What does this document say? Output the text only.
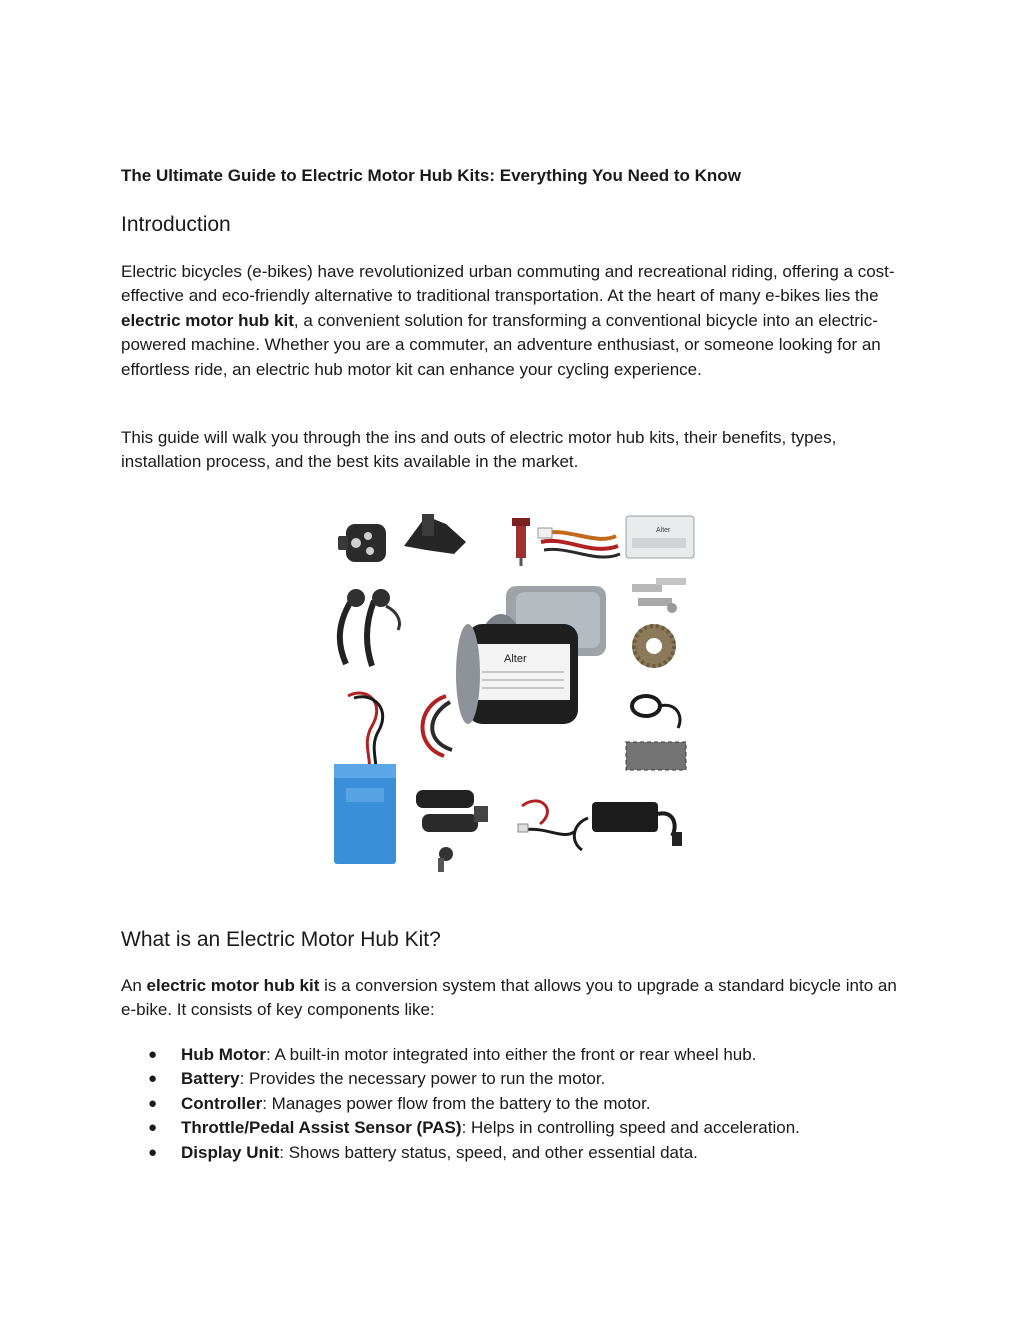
The Ultimate Guide to Electric Motor Hub Kits: Everything You Need to Know
Introduction

Electric bicycles (e-bikes) have revolutionized urban commuting and recreational riding, offering a cost-effective and eco-friendly alternative to traditional transportation. At the heart of many e-bikes lies the electric motor hub kit, a convenient solution for transforming a conventional bicycle into an electric-powered machine. Whether you are a commuter, an adventure enthusiast, or someone looking for an effortless ride, an electric hub motor kit can enhance your cycling experience.

This guide will walk you through the ins and outs of electric motor hub kits, their benefits, types, installation process, and the best kits available in the market.

What is an Electric Motor Hub Kit?

An electric motor hub kit is a conversion system that allows you to upgrade a standard bicycle into an e-bike. It consists of key components like:

● Hub Motor: A built-in motor integrated into either the front or rear wheel hub.
● Battery: Provides the necessary power to run the motor.
● Controller: Manages power flow from the battery to the motor.
● Throttle/Pedal Assist Sensor (PAS): Helps in controlling speed and acceleration.
● Display Unit: Shows battery status, speed, and other essential data.
Alter
Alter
